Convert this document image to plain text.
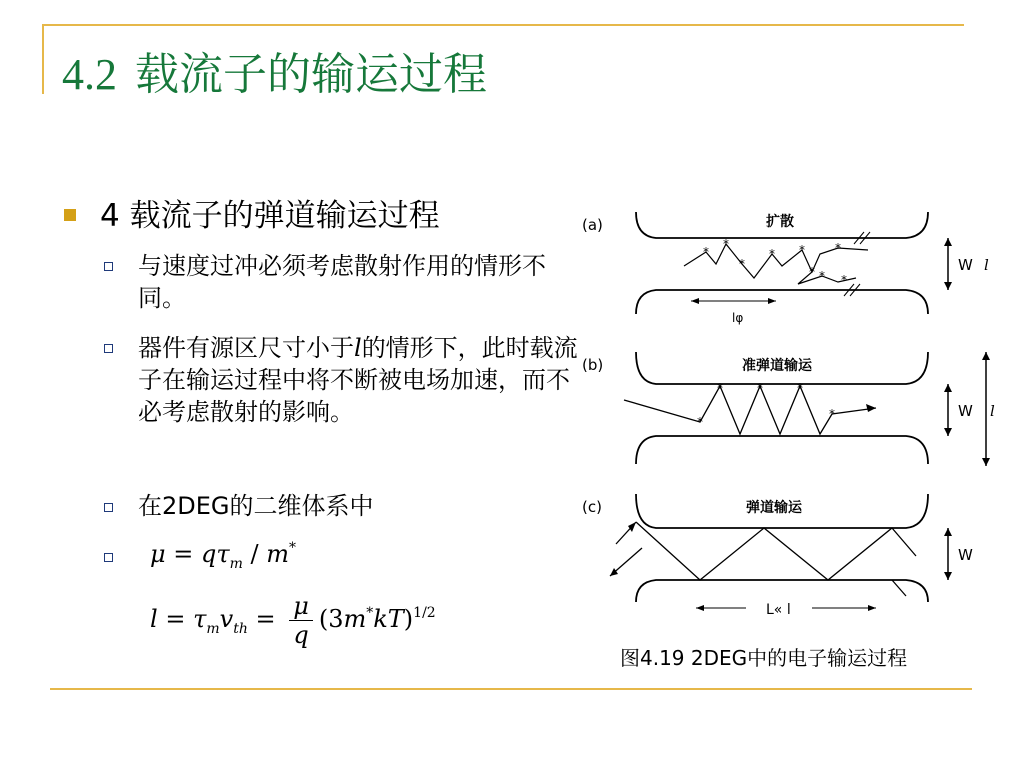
4.2 载流子的输运过程
4 载流子的弹道输运过程
与速度过冲必须考虑散射作用的情形不同。
器件有源区尺寸小于l的情形下，此时载流子在输运过程中将不断被电场加速，而不必考虑散射的影响。
在2DEG的二维体系中
$\mu = q\tau_m / m^*$
$l = \tau_mv_{th} = \frac{\mu}{q} (3m^*kT)^{1/2}$
(a)	扩散
*
*
*
* *
*
*
* *
lφ
W l
(b)	准弹道输运
*
*	*	*
*	W l
(c)	弹道输运
W
L« l
图4.19 2DEG中的电子输运过程
